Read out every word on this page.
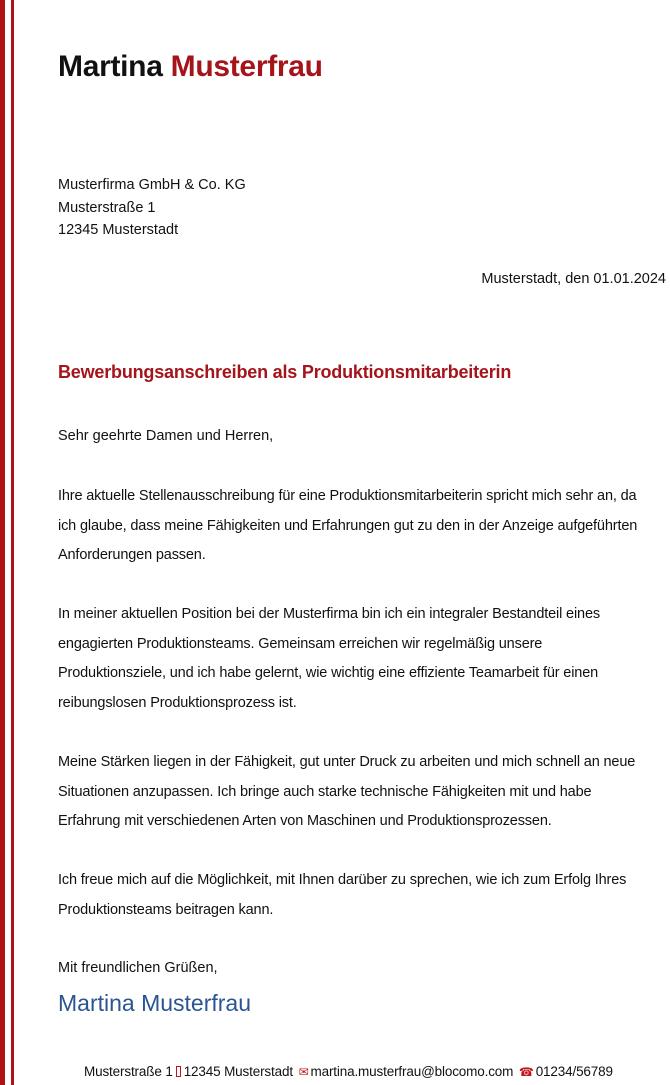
Martina Musterfrau
Musterfirma GmbH & Co. KG
Musterstraße 1
12345 Musterstadt
Musterstadt, den 01.01.2024
Bewerbungsanschreiben als Produktionsmitarbeiterin
Sehr geehrte Damen und Herren,
Ihre aktuelle Stellenausschreibung für eine Produktionsmitarbeiterin spricht mich sehr an, da
ich glaube, dass meine Fähigkeiten und Erfahrungen gut zu den in der Anzeige aufgeführten
Anforderungen passen.
In meiner aktuellen Position bei der Musterfirma bin ich ein integraler Bestandteil eines
engagierten Produktionsteams. Gemeinsam erreichen wir regelmäßig unsere
Produktionsziele, und ich habe gelernt, wie wichtig eine effiziente Teamarbeit für einen
reibungslosen Produktionsprozess ist.
Meine Stärken liegen in der Fähigkeit, gut unter Druck zu arbeiten und mich schnell an neue
Situationen anzupassen. Ich bringe auch starke technische Fähigkeiten mit und habe
Erfahrung mit verschiedenen Arten von Maschinen und Produktionsprozessen.
Ich freue mich auf die Möglichkeit, mit Ihnen darüber zu sprechen, wie ich zum Erfolg Ihres
Produktionsteams beitragen kann.
Mit freundlichen Grüßen,
Martina Musterfrau
Musterstraße 1 12345 Musterstadt ✉ martina.musterfrau@blocomo.com ☎ 01234/56789
